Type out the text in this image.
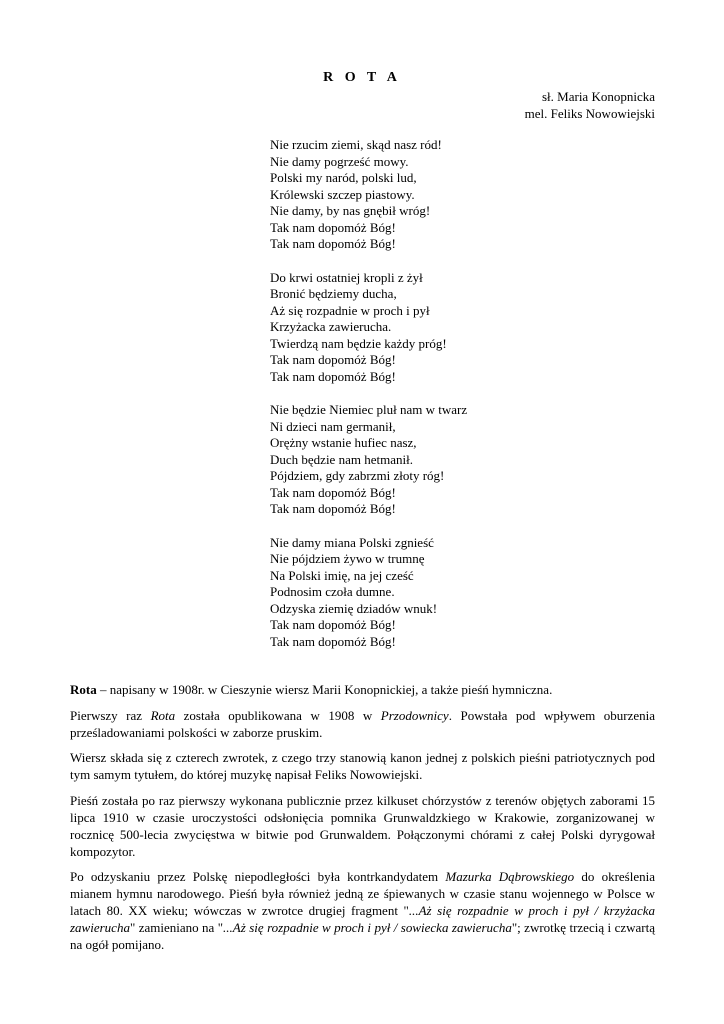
R O T A
sł. Maria Konopnicka
mel. Feliks Nowowiejski
Nie rzucim ziemi, skąd nasz ród!
Nie damy pogrześć mowy.
Polski my naród, polski lud,
Królewski szczep piastowy.
Nie damy, by nas gnębił wróg!
Tak nam dopomóż Bóg!
Tak nam dopomóż Bóg!
Do krwi ostatniej kropli z żył
Bronić będziemy ducha,
Aż się rozpadnie w proch i pył
Krzyżacka zawierucha.
Twierdzą nam będzie każdy próg!
Tak nam dopomóż Bóg!
Tak nam dopomóż Bóg!
Nie będzie Niemiec pluł nam w twarz
Ni dzieci nam germanił,
Orężny wstanie hufiec nasz,
Duch będzie nam hetmanił.
Pójdziem, gdy zabrzmi złoty róg!
Tak nam dopomóż Bóg!
Tak nam dopomóż Bóg!
Nie damy miana Polski zgnieść
Nie pójdziem żywo w trumnę
Na Polski imię, na jej cześć
Podnosim czoła dumne.
Odzyska ziemię dziadów wnuk!
Tak nam dopomóż Bóg!
Tak nam dopomóż Bóg!

Rota – napisany w 1908r. w Cieszynie wiersz Marii Konopnickiej, a także pieśń hymniczna.

Pierwszy raz Rota została opublikowana w 1908 w Przodownicy. Powstała pod wpływem oburzenia prześladowaniami polskości w zaborze pruskim.

Wiersz składa się z czterech zwrotek, z czego trzy stanowią kanon jednej z polskich pieśni patriotycznych pod tym samym tytułem, do której muzykę napisał Feliks Nowowiejski.

Pieśń została po raz pierwszy wykonana publicznie przez kilkuset chórzystów z terenów objętych zaborami 15 lipca 1910 w czasie uroczystości odsłonięcia pomnika Grunwaldzkiego w Krakowie, zorganizowanej w rocznicę 500-lecia zwycięstwa w bitwie pod Grunwaldem. Połączonymi chórami z całej Polski dyrygował kompozytor.

Po odzyskaniu przez Polskę niepodległości była kontrkandydatem Mazurka Dąbrowskiego do określenia mianem hymnu narodowego. Pieśń była również jedną ze śpiewanych w czasie stanu wojennego w Polsce w latach 80. XX wieku; wówczas w zwrotce drugiej fragment "...Aż się rozpadnie w proch i pył / krzyżacka zawierucha" zamieniano na "...Aż się rozpadnie w proch i pył / sowiecka zawierucha"; zwrotkę trzecią i czwartą na ogół pomijano.
